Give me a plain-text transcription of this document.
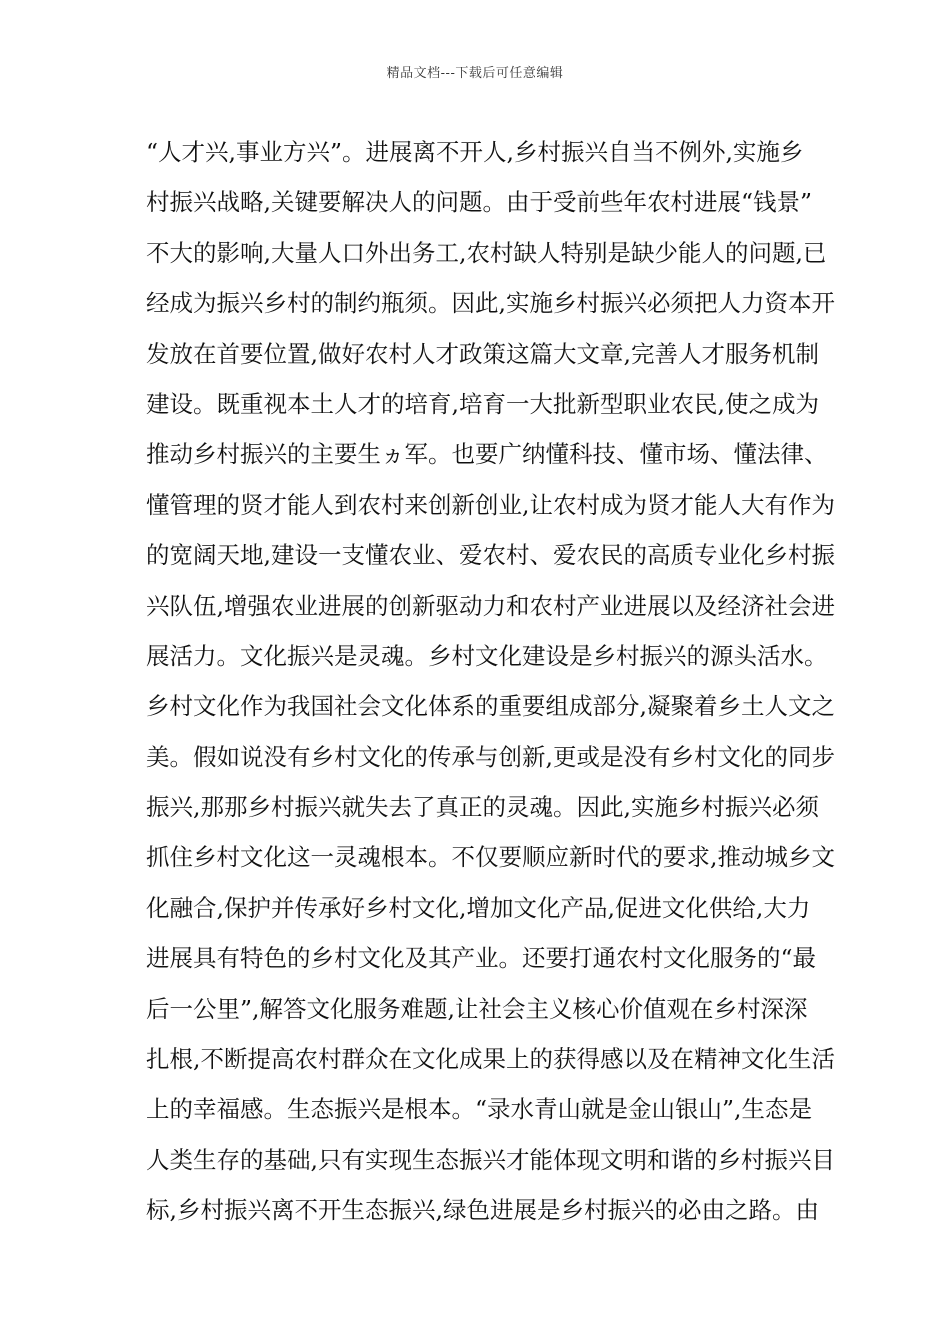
精品文档---下载后可任意编辑
“人才兴,事业方兴”。进展离不开人,乡村振兴自当不例外,实施乡
村振兴战略,关键要解决人的问题。由于受前些年农村进展“钱景”
不大的影响,大量人口外出务工,农村缺人特别是缺少能人的问题,已
经成为振兴乡村的制约瓶须。因此,实施乡村振兴必须把人力资本开
发放在首要位置,做好农村人才政策这篇大文章,完善人才服务机制
建设。既重视本土人才的培育,培育一大批新型职业农民,使之成为
推动乡村振兴的主要生ヵ军。也要广纳懂科技、懂市场、懂法律、
懂管理的贤才能人到农村来创新创业,让农村成为贤才能人大有作为
的宽阔天地,建设一支懂农业、爱农村、爱农民的高质专业化乡村振
兴队伍,增强农业进展的创新驱动力和农村产业进展以及经济社会进
展活力。文化振兴是灵魂。乡村文化建设是乡村振兴的源头活水。
乡村文化作为我国社会文化体系的重要组成部分,凝聚着乡土人文之
美。假如说没有乡村文化的传承与创新,更或是没有乡村文化的同步
振兴,那那乡村振兴就失去了真正的灵魂。因此,实施乡村振兴必须
抓住乡村文化这一灵魂根本。不仅要顺应新时代的要求,推动城乡文
化融合,保护并传承好乡村文化,增加文化产品,促进文化供给,大力
进展具有特色的乡村文化及其产业。还要打通农村文化服务的“最
后一公里”,解答文化服务难题,让社会主义核心价值观在乡村深深
扎根,不断提高农村群众在文化成果上的获得感以及在精神文化生活
上的幸福感。生态振兴是根本。“录水青山就是金山银山”,生态是
人类生存的基础,只有实现生态振兴才能体现文明和谐的乡村振兴目
标,乡村振兴离不开生态振兴,绿色进展是乡村振兴的必由之路。由
